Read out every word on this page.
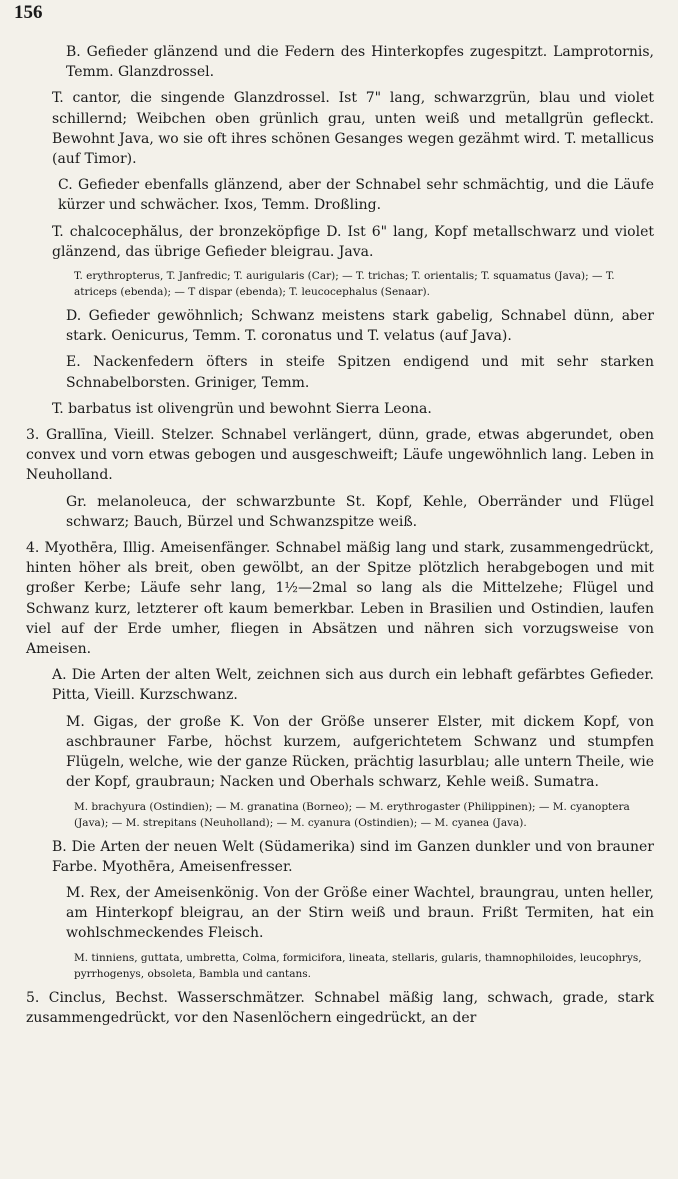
156

B. Gefieder glänzend und die Federn des Hinterkopfes zugespitzt. Lamprotornis, Temm. Glanzdrossel.

T. cantor, die singende Glanzdrossel. Ist 7" lang, schwarzgrün, blau und violet schillernd; Weibchen oben grünlich grau, unten weiß und metallgrün gefleckt. Bewohnt Java, wo sie oft ihres schönen Gesanges wegen gezähmt wird. T. metallicus (auf Timor).

C. Gefieder ebenfalls glänzend, aber der Schnabel sehr schmächtig, und die Läufe kürzer und schwächer. Ixos, Temm. Droßling.

T. chalcocephălus, der bronzeköpfige D. Ist 6" lang, Kopf metallschwarz und violet glänzend, das übrige Gefieder bleigrau. Java.

T. erythropterus, T. Janfredic; T. aurigularis (Car); — T. trichas; T. orientalis; T. squamatus (Java); — T. atriceps (ebenda); — T dispar (ebenda); T. leucocephalus (Senaar).

D. Gefieder gewöhnlich; Schwanz meistens stark gabelig, Schnabel dünn, aber stark. Oenicurus, Temm. T. coronatus und T. velatus (auf Java).

E. Nackenfedern öfters in steife Spitzen endigend und mit sehr starken Schnabelborsten. Griniger, Temm.

T. barbatus ist olivengrün und bewohnt Sierra Leona.

3. Grallīna, Vieill. Stelzer. Schnabel verlängert, dünn, grade, etwas abgerundet, oben convex und vorn etwas gebogen und ausgeschweift; Läufe ungewöhnlich lang. Leben in Neuholland.

Gr. melanoleuca, der schwarzbunte St. Kopf, Kehle, Oberränder und Flügel schwarz; Bauch, Bürzel und Schwanzspitze weiß.

4. Myothēra, Illig. Ameisenfänger. Schnabel mäßig lang und stark, zusammengedrückt, hinten höher als breit, oben gewölbt, an der Spitze plötzlich herabgebogen und mit großer Kerbe; Läufe sehr lang, 1½—2mal so lang als die Mittelzehe; Flügel und Schwanz kurz, letzterer oft kaum bemerkbar. Leben in Brasilien und Ostindien, laufen viel auf der Erde umher, fliegen in Absätzen und nähren sich vorzugsweise von Ameisen.

A. Die Arten der alten Welt, zeichnen sich aus durch ein lebhaft gefärbtes Gefieder. Pitta, Vieill. Kurzschwanz.

M. Gigas, der große K. Von der Größe unserer Elster, mit dickem Kopf, von aschbrauner Farbe, höchst kurzem, aufgerichtetem Schwanz und stumpfen Flügeln, welche, wie der ganze Rücken, prächtig lasurblau; alle untern Theile, wie der Kopf, graubraun; Nacken und Oberhals schwarz, Kehle weiß. Sumatra.

M. brachyura (Ostindien); — M. granatina (Borneo); — M. erythrogaster (Philippinen); — M. cyanoptera (Java); — M. strepitans (Neuholland); — M. cyanura (Ostindien); — M. cyanea (Java).

B. Die Arten der neuen Welt (Südamerika) sind im Ganzen dunkler und von brauner Farbe. Myothēra, Ameisenfresser.

M. Rex, der Ameisenkönig. Von der Größe einer Wachtel, braungrau, unten heller, am Hinterkopf bleigrau, an der Stirn weiß und braun. Frißt Termiten, hat ein wohlschmeckendes Fleisch.

M. tinniens, guttata, umbretta, Colma, formicifora, lineata, stellaris, gularis, thamnophiloides, leucophrys, pyrrhogenys, obsoleta, Bambla und cantans.

5. Cinclus, Bechst. Wasserschmätzer. Schnabel mäßig lang, schwach, grade, stark zusammengedrückt, vor den Nasenlöchern eingedrückt, an der
